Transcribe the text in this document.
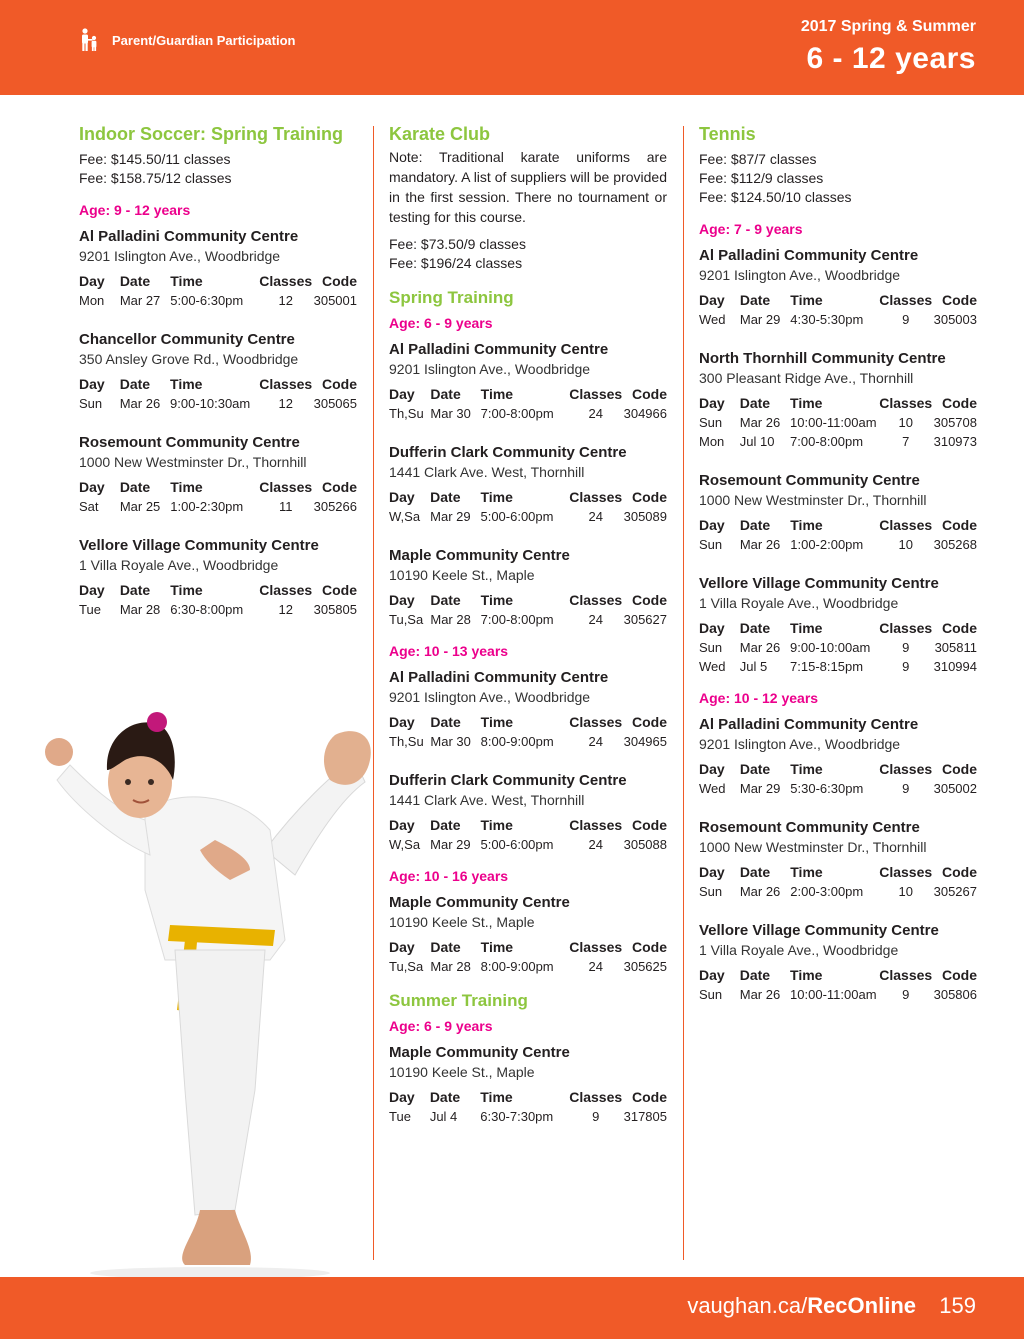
Parent/Guardian Participation
2017 Spring & Summer
6 - 12 years
Indoor Soccer: Spring Training
Fee: $145.50/11 classes
Fee: $158.75/12 classes
Age: 9 - 12 years
Al Palladini Community Centre
9201 Islington Ave., Woodbridge
Day	Date	Time	Classes	Code
Mon	Mar 27	5:00-6:30pm	12	305001
Chancellor Community Centre
350 Ansley Grove Rd., Woodbridge
Day	Date	Time	Classes	Code
Sun	Mar 26	9:00-10:30am	12	305065
Rosemount Community Centre
1000 New Westminster Dr., Thornhill
Day	Date	Time	Classes	Code
Sat	Mar 25	1:00-2:30pm	11	305266
Vellore Village Community Centre
1 Villa Royale Ave., Woodbridge
Day	Date	Time	Classes	Code
Tue	Mar 28	6:30-8:00pm	12	305805
Karate Club
Note: Traditional karate uniforms are mandatory. A list of suppliers will be provided in the first session. There no tournament or testing for this course.
Fee: $73.50/9 classes
Fee: $196/24 classes
Spring Training
Age: 6 - 9 years
Al Palladini Community Centre
9201 Islington Ave., Woodbridge
Day	Date	Time	Classes	Code
Th,Su	Mar 30	7:00-8:00pm	24	304966
Dufferin Clark Community Centre
1441 Clark Ave. West, Thornhill
Day	Date	Time	Classes	Code
W,Sa	Mar 29	5:00-6:00pm	24	305089
Maple Community Centre
10190 Keele St., Maple
Day	Date	Time	Classes	Code
Tu,Sa	Mar 28	7:00-8:00pm	24	305627
Age: 10 - 13 years
Al Palladini Community Centre
9201 Islington Ave., Woodbridge
Day	Date	Time	Classes	Code
Th,Su	Mar 30	8:00-9:00pm	24	304965
Dufferin Clark Community Centre
1441 Clark Ave. West, Thornhill
Day	Date	Time	Classes	Code
W,Sa	Mar 29	5:00-6:00pm	24	305088
Age: 10 - 16 years
Maple Community Centre
10190 Keele St., Maple
Day	Date	Time	Classes	Code
Tu,Sa	Mar 28	8:00-9:00pm	24	305625
Summer Training
Age: 6 - 9 years
Maple Community Centre
10190 Keele St., Maple
Day	Date	Time	Classes	Code
Tue	Jul 4	6:30-7:30pm	9	317805
Tennis
Fee: $87/7 classes
Fee: $112/9 classes
Fee: $124.50/10 classes
Age: 7 - 9 years
Al Palladini Community Centre
9201 Islington Ave., Woodbridge
Day	Date	Time	Classes	Code
Wed	Mar 29	4:30-5:30pm	9	305003
North Thornhill Community Centre
300 Pleasant Ridge Ave., Thornhill
Day	Date	Time	Classes	Code
Sun	Mar 26	10:00-11:00am	10	305708
Mon	Jul 10	7:00-8:00pm	7	310973
Rosemount Community Centre
1000 New Westminster Dr., Thornhill
Day	Date	Time	Classes	Code
Sun	Mar 26	1:00-2:00pm	10	305268
Vellore Village Community Centre
1 Villa Royale Ave., Woodbridge
Day	Date	Time	Classes	Code
Sun	Mar 26	9:00-10:00am	9	305811
Wed	Jul 5	7:15-8:15pm	9	310994
Age: 10 - 12 years
Al Palladini Community Centre
9201 Islington Ave., Woodbridge
Day	Date	Time	Classes	Code
Wed	Mar 29	5:30-6:30pm	9	305002
Rosemount Community Centre
1000 New Westminster Dr., Thornhill
Day	Date	Time	Classes	Code
Sun	Mar 26	2:00-3:00pm	10	305267
Vellore Village Community Centre
1 Villa Royale Ave., Woodbridge
Day	Date	Time	Classes	Code
Sun	Mar 26	10:00-11:00am	9	305806
vaughan.ca/RecOnline 159
